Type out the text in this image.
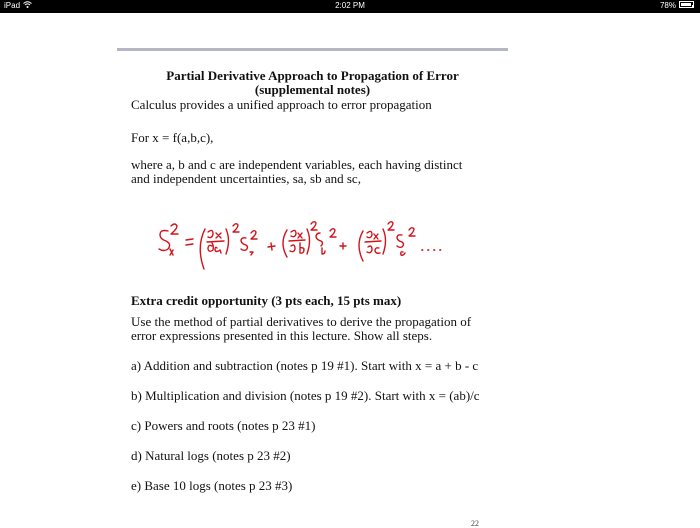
iPad	2:02 PM	78%
Partial Derivative Approach to Propagation of Error
(supplemental notes)
Calculus provides a unified approach to error propagation
For x = f(a,b,c),
where a, b and c are independent variables, each having distinct
and independent uncertainties, sa, sb and sc,
Extra credit opportunity (3 pts each, 15 pts max)
Use the method of partial derivatives to derive the propagation of
error expressions presented in this lecture. Show all steps.
a) Addition and subtraction (notes p 19 #1). Start with x = a + b - c
b) Multiplication and division (notes p 19 #2). Start with x = (ab)/c
c) Powers and roots (notes p 23 #1)
d) Natural logs (notes p 23 #2)
e) Base 10 logs (notes p 23 #3)
22
